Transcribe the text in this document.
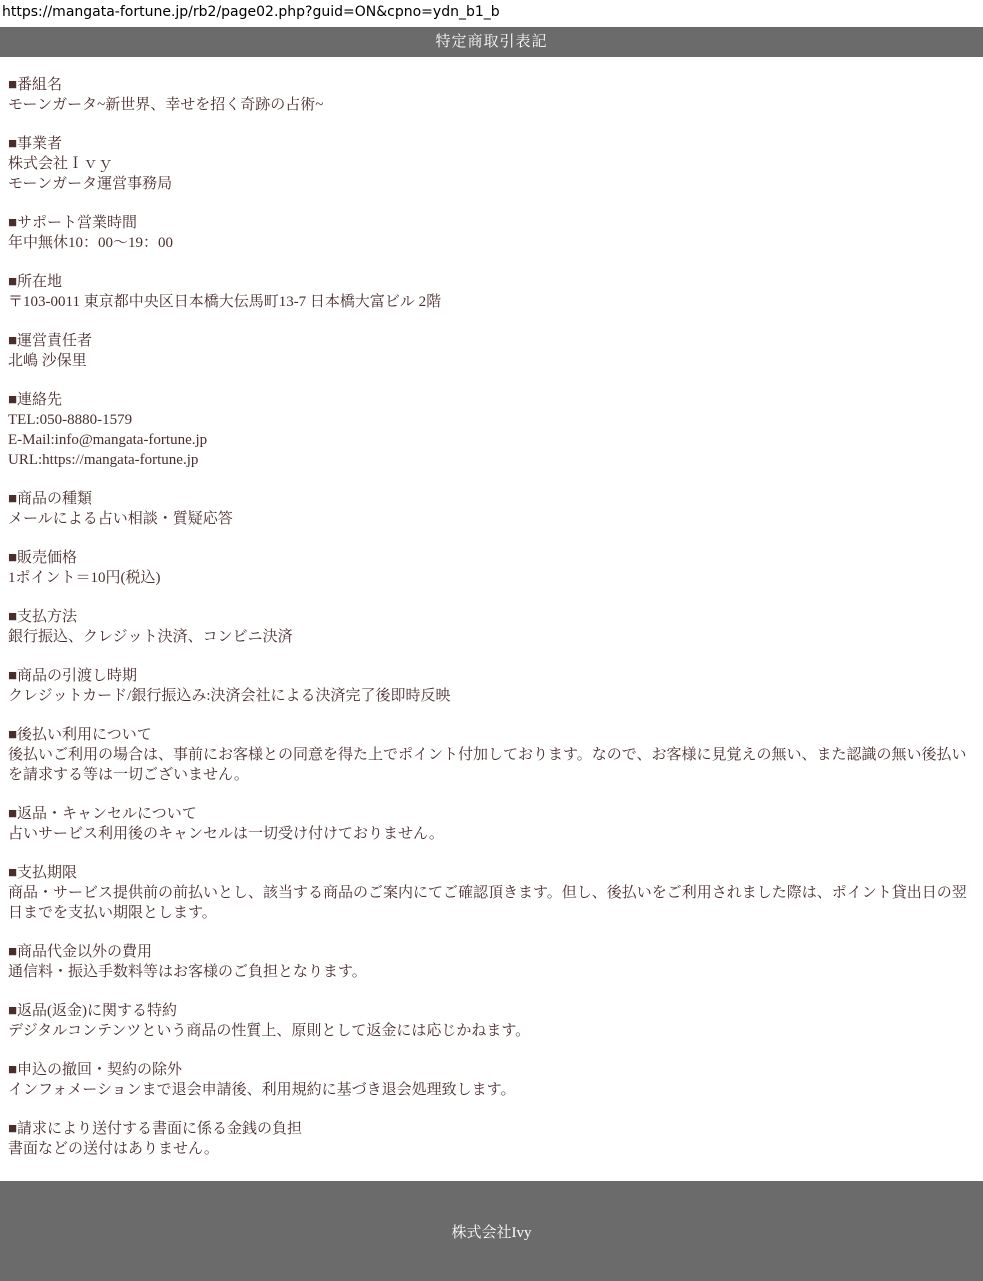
https://mangata-fortune.jp/rb2/page02.php?guid=ON&cpno=ydn_b1_b
特定商取引表記
■番組名
モーンガータ~新世界、幸せを招く奇跡の占術~
■事業者
株式会社Ｉｖｙ
モーンガータ運営事務局
■サポート営業時間
年中無休10：00～19：00
■所在地
〒103-0011 東京都中央区日本橋大伝馬町13-7 日本橋大富ビル 2階
■運営責任者
北嶋 沙保里
■連絡先
TEL:050-8880-1579
E-Mail:info@mangata-fortune.jp
URL:https://mangata-fortune.jp
■商品の種類
メールによる占い相談・質疑応答
■販売価格
1ポイント＝10円(税込)
■支払方法
銀行振込、クレジット決済、コンビニ決済
■商品の引渡し時期
クレジットカード/銀行振込み:決済会社による決済完了後即時反映
■後払い利用について
後払いご利用の場合は、事前にお客様との同意を得た上でポイント付加しております。なので、お客様に見覚えの無い、また認識の無い後払いを請求する等は一切ございません。
■返品・キャンセルについて
占いサービス利用後のキャンセルは一切受け付けておりません。
■支払期限
商品・サービス提供前の前払いとし、該当する商品のご案内にてご確認頂きます。但し、後払いをご利用されました際は、ポイント貸出日の翌日までを支払い期限とします。
■商品代金以外の費用
通信料・振込手数料等はお客様のご負担となります。
■返品(返金)に関する特約
デジタルコンテンツという商品の性質上、原則として返金には応じかねます。
■申込の撤回・契約の除外
インフォメーションまで退会申請後、利用規約に基づき退会処理致します。
■請求により送付する書面に係る金銭の負担
書面などの送付はありません。
株式会社Ivy
